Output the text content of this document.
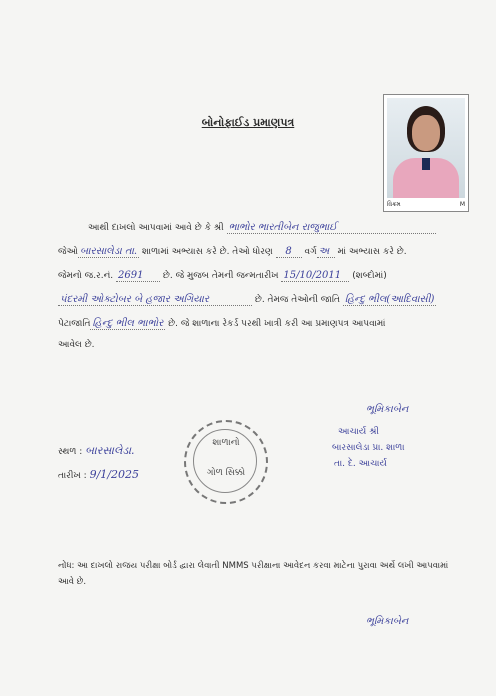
બોનોફાઈડ પ્રમાણપત્ર
વિક્રમ	M
આથી દાખલો આપવામાં આવે છે કે શ્રી ભાભોર ભારતીબેન રાજુભાઈ
જેઓ બારસાલેડા તા. શાળામાં અભ્યાસ કરે છે. તેઓ ધોરણ 8 વર્ગ અ માં અભ્યાસ કરે છે.
જેમનો જ.ર.નં. 2691 છે. જે મુજબ તેમની જન્મતારીખ 15/10/2011 (શબ્દોમાં)
પંદરમી ઓક્ટોબર બે હજાર અગિયાર	છે. તેમજ તેઓની જાતિ હિન્દુ ભીલ(આદિવાસી)
પેટાજાતિ હિન્દુ ભીલ ભાભોર છે. જે શાળાના રેકર્ડ પરથી ખાત્રી કરી આ પ્રમાણપત્ર આપવામાં
આવેલ છે.
સ્થળ : બારસાલેડા.
તારીખ : 9/1/2025
શાળાનો
ગોળ સિક્કો
ભૂમિકાબેન
આચાર્ય શ્રી
બારસાલેડા પ્રા. શાળા
તા. દે. આચાર્ય
નોંધ: આ દાખલો રાજય પરીક્ષા બોર્ડ દ્વારા લેવાતી NMMS પરીક્ષાના આવેદન કરવા માટેના પુરાવા અર્થે લખી આપવામાં આવે છે.
ભૂમિકાબેન
